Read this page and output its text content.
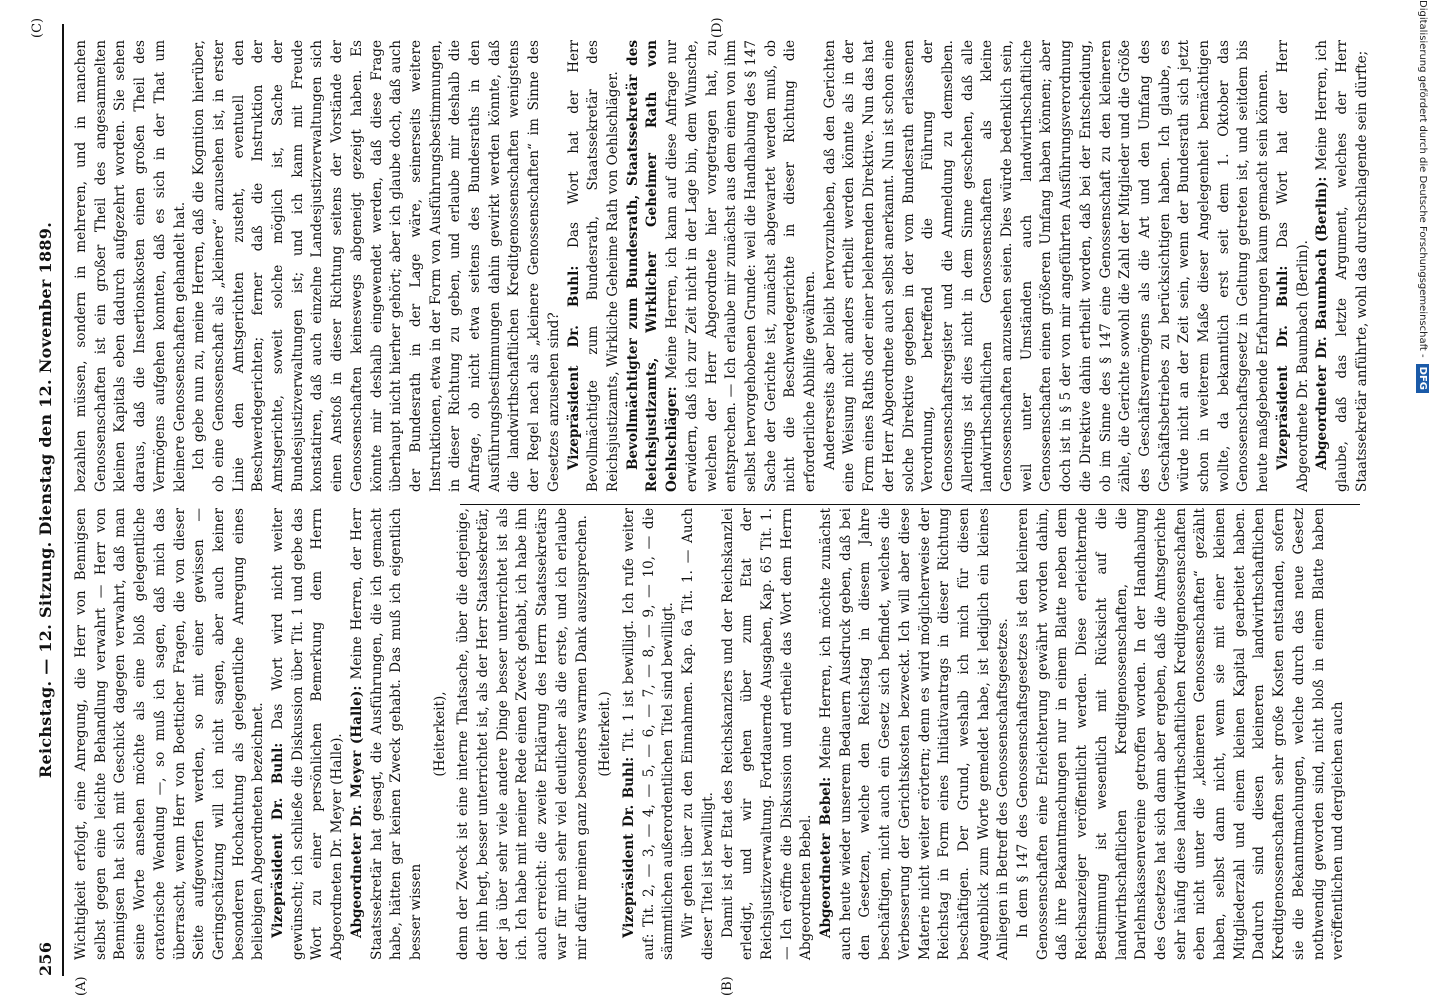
256
Reichstag. — 12. Sitzung. Dienstag den 12. November 1889.
(A)	(B)
(C)	(D)

Wichtigkeit erfolgt, eine Anregung, die Herr von Bennigsen selbst gegen eine leichte Behandlung verwahrt — Herr von Bennigsen hat sich mit Geschick dagegen verwahrt, daß man seine Worte ansehen möchte als eine bloß gelegentliche oratorische Wendung —, so muß ich sagen, daß mich das überrascht, wenn Herr von Boetticher Fragen, die von dieser Seite aufgeworfen werden, so mit einer gewissen — Geringschätzung will ich nicht sagen, aber auch keiner besonderen Hochachtung als gelegentliche Anregung eines beliebigen Abgeordneten bezeichnet. Vizepräsident Dr. Buhl: Das Wort wird nicht weiter gewünscht; ich schließe die Diskussion über Tit. 1 und gebe das Wort zu einer persönlichen Bemerkung dem Herrn Abgeordneten Dr. Meyer (Halle). Abgeordneter Dr. Meyer (Halle): Meine Herren, der Herr Staatssekretär hat gesagt, die Ausführungen, die ich gemacht habe, hätten gar keinen Zweck gehabt. Das muß ich eigentlich besser wissen

(Heiterkeit), denn der Zweck ist eine interne Thatsache, über die derjenige, der ihn hegt, besser unterrichtet ist, als der Herr Staatssekretär, der ja über sehr viele andere Dinge besser unterrichtet ist als ich. Ich habe mit meiner Rede einen Zweck gehabt, ich habe ihn auch erreicht: die zweite Erklärung des Herrn Staatssekretärs war für mich sehr viel deutlicher als die erste, und ich erlaube mir dafür meinen ganz besonders warmen Dank auszusprechen. (Heiterkeit.)

Vizepräsident Dr. Buhl: Tit. 1 ist bewilligt. Ich rufe weiter auf: Tit. 2, — 3, — 4, — 5, — 6, — 7, — 8, — 9, — 10, — die sämmtlichen außerordentlichen Titel sind bewilligt. Wir gehen über zu den Einnahmen. Kap. 6a Tit. 1. — Auch dieser Titel ist bewilligt. Damit ist der Etat des Reichskanzlers und der Reichskanzlei erledigt, und wir gehen über zum Etat der Reichsjustizverwaltung. Fortdauernde Ausgaben, Kap. 65 Tit. 1. — Ich eröffne die Diskussion und ertheile das Wort dem Herrn Abgeordneten Bebel. Abgeordneter Bebel: Meine Herren, ich möchte zunächst auch heute wieder unserem Bedauern Ausdruck geben, daß bei den Gesetzen, welche den Reichstag in diesem Jahre beschäftigen, nicht auch ein Gesetz sich befindet, welches die Verbesserung der Gerichtskosten bezweckt. Ich will aber diese Materie nicht weiter erörtern; denn es wird möglicherweise der Reichstag in Form eines Initiativantrags in dieser Richtung beschäftigen. Der Grund, weshalb ich mich für diesen Augenblick zum Worte gemeldet habe, ist lediglich ein kleines Anliegen in Betreff des Genossenschaftsgesetzes. In dem § 147 des Genossenschaftsgesetzes ist den kleineren Genossenschaften eine Erleichterung gewährt worden dahin, daß ihre Bekanntmachungen nur in einem Blatte neben dem Reichsanzeiger veröffentlicht werden. Diese erleichternde Bestimmung ist wesentlich mit Rücksicht auf die landwirthschaftlichen Kreditgenossenschaften, die Darlehnskassenvereine getroffen worden. In der Handhabung des Gesetzes hat sich dann aber ergeben, daß die Amtsgerichte sehr häufig diese landwirthschaftlichen Kreditgenossenschaften eben nicht unter die „kleineren Genossenschaften“ gezählt haben, selbst dann nicht, wenn sie mit einer kleinen Mitgliederzahl und einem kleinen Kapital gearbeitet haben. Dadurch sind diesen kleineren landwirthschaftlichen Kreditgenossenschaften sehr große Kosten entstanden, sofern sie die Bekanntmachungen, welche durch das neue Gesetz nothwendig geworden sind, nicht bloß in einem Blatte haben veröffentlichen und dergleichen auch

bezahlen müssen, sondern in mehreren, und in manchen Genossenschaften ist ein großer Theil des angesammelten kleinen Kapitals eben dadurch aufgezehrt worden. Sie sehen daraus, daß die Insertionskosten einen großen Theil des Vermögens aufgehen konnten, daß es sich in der That um kleinere Genossenschaften gehandelt hat. Ich gebe nun zu, meine Herren, daß die Kognition hierüber, ob eine Genossenschaft als „kleinere“ anzusehen ist, in erster Linie den Amtsgerichten zusteht, eventuell den Beschwerdegerichten; ferner daß die Instruktion der Amtsgerichte, soweit solche möglich ist, Sache der Bundesjustizverwaltungen ist; und ich kann mit Freude konstatiren, daß auch einzelne Landesjustizverwaltungen sich einen Anstoß in dieser Richtung seitens der Vorstände der Genossenschaften keineswegs abgeneigt gezeigt haben. Es könnte mir deshalb eingewendet werden, daß diese Frage überhaupt nicht hierher gehört; aber ich glaube doch, daß auch der Bundesrath in der Lage wäre, seinerseits weitere Instruktionen, etwa in der Form von Ausführungsbestimmungen, in dieser Richtung zu geben, und erlaube mir deshalb die Anfrage, ob nicht etwa seitens des Bundesraths in den Ausführungsbestimmungen dahin gewirkt werden könnte, daß die landwirthschaftlichen Kreditgenossenschaften wenigstens der Regel nach als „kleinere Genossenschaften“ im Sinne des Gesetzes anzusehen sind? Vizepräsident Dr. Buhl: Das Wort hat der Herr Bevollmächtigte zum Bundesrath, Staatssekretär des Reichsjustizamts, Wirkliche Geheime Rath von Oehlschläger. Bevollmächtigter zum Bundesrath, Staatssekretär des Reichsjustizamts, Wirklicher Geheimer Rath von Oehlschläger: Meine Herren, ich kann auf diese Anfrage nur erwidern, daß ich zur Zeit nicht in der Lage bin, dem Wunsche, welchen der Herr Abgeordnete hier vorgetragen hat, zu entsprechen. — Ich erlaube mir zunächst aus dem einen von ihm selbst hervorgehobenen Grunde: weil die Handhabung des § 147 Sache der Gerichte ist, zunächst abgewartet werden muß, ob nicht die Beschwerdegerichte in dieser Richtung die erforderliche Abhilfe gewähren. Andererseits aber bleibt hervorzuheben, daß den Gerichten eine Weisung nicht anders ertheilt werden könnte als in der Form eines Raths oder einer belehrenden Direktive. Nun das hat der Herr Abgeordnete auch selbst anerkannt. Nun ist schon eine solche Direktive gegeben in der vom Bundesrath erlassenen Verordnung, betreffend die Führung der Genossenschaftsregister und die Anmeldung zu demselben. Allerdings ist dies nicht in dem Sinne geschehen, daß alle landwirthschaftlichen Genossenschaften als kleine Genossenschaften anzusehen seien. Dies würde bedenklich sein, weil unter Umständen auch landwirthschaftliche Genossenschaften einen größeren Umfang haben können; aber doch ist in § 5 der von mir angeführten Ausführungsverordnung die Direktive dahin ertheilt worden, daß bei der Entscheidung, ob im Sinne des § 147 eine Genossenschaft zu den kleineren zähle, die Gerichte sowohl die Zahl der Mitglieder und die Größe des Geschäftsvermögens als die Art und den Umfang des Geschäftsbetriebes zu berücksichtigen haben. Ich glaube, es würde nicht an der Zeit sein, wenn der Bundesrath sich jetzt schon in weiterem Maße dieser Angelegenheit bemächtigen wollte, da bekanntlich erst seit dem 1. Oktober das Genossenschaftsgesetz in Geltung getreten ist, und seitdem bis heute maßgebende Erfahrungen kaum gemacht sein können. Vizepräsident Dr. Buhl: Das Wort hat der Herr Abgeordnete Dr. Baumbach (Berlin). Abgeordneter Dr. Baumbach (Berlin): Meine Herren, ich glaube, daß das letzte Argument, welches der Herr Staatssekretär anführte, wohl das durchschlagende sein dürfte;	Digitalisierung gefördert durch die Deutsche Forschungsgemeinschaft -DFG
